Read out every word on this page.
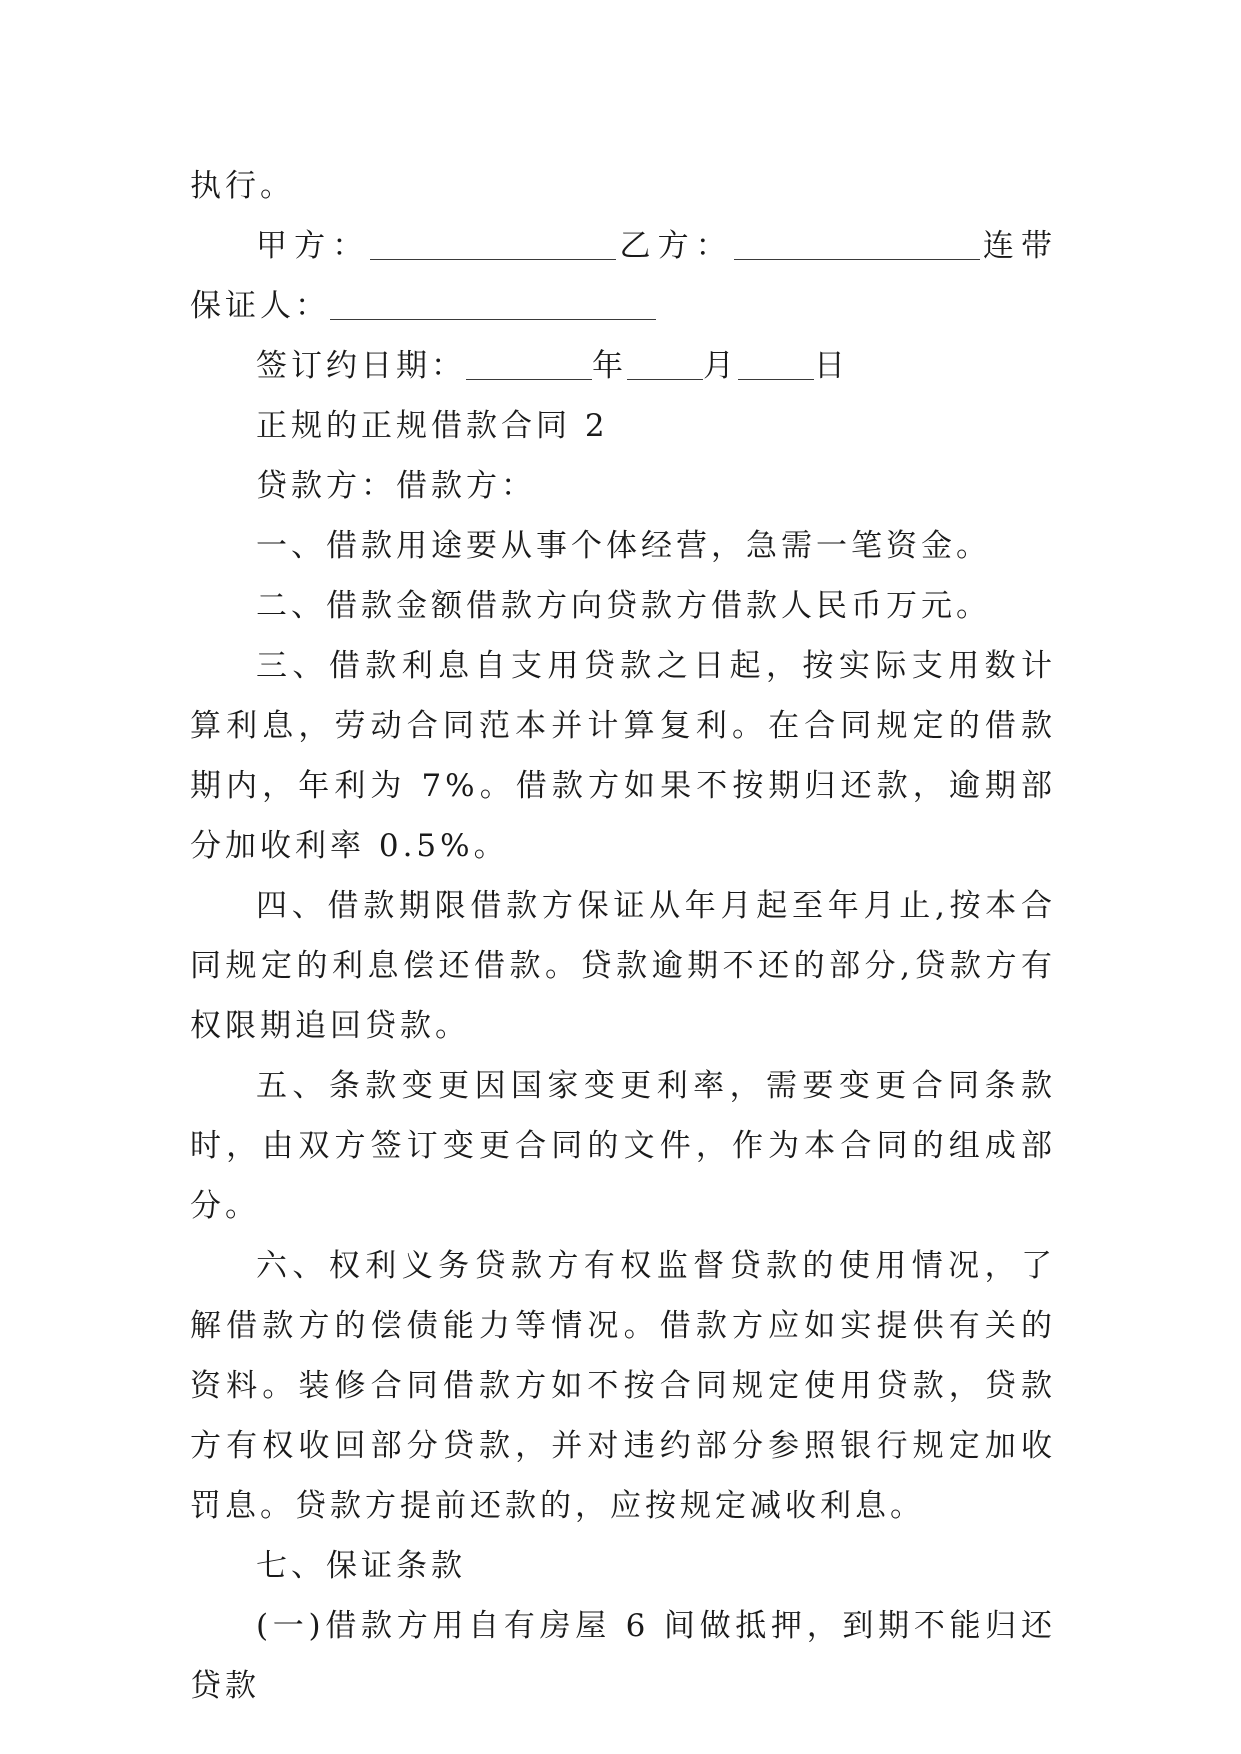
执行。

甲方：	乙方：	连带保证人：

签订约日期：	年 月 日

正规的正规借款合同 2

贷款方：借款方：

一、借款用途要从事个体经营，急需一笔资金。

二、借款金额借款方向贷款方借款人民币万元。

三、借款利息自支用贷款之日起，按实际支用数计算利息，劳动合同范本并计算复利。在合同规定的借款期内，年利为 7%。借款方如果不按期归还款，逾期部分加收利率 0.5%。

四、借款期限借款方保证从年月起至年月止,按本合同规定的利息偿还借款。贷款逾期不还的部分,贷款方有权限期追回贷款。

五、条款变更因国家变更利率，需要变更合同条款时，由双方签订变更合同的文件，作为本合同的组成部分。

六、权利义务贷款方有权监督贷款的使用情况，了解借款方的偿债能力等情况。借款方应如实提供有关的资料。装修合同借款方如不按合同规定使用贷款，贷款方有权收回部分贷款，并对违约部分参照银行规定加收罚息。贷款方提前还款的，应按规定减收利息。

七、保证条款

(一)借款方用自有房屋 6 间做抵押，到期不能归还贷款
